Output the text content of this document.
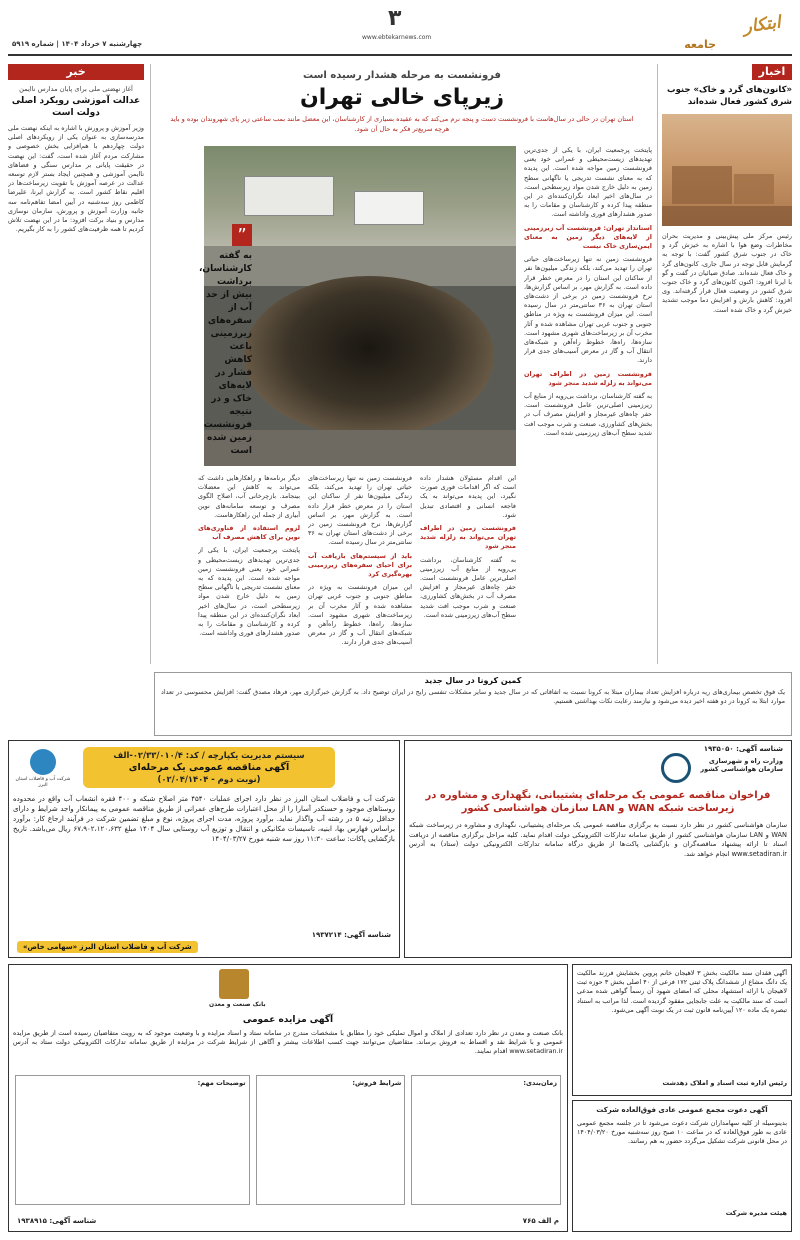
ابتکار
جامعه
۳
www.ebtekarnews.com
چهارشنبه ۷ خرداد ۱۴۰۴ | شماره ۵۹۱۹
اخبار
«کانون‌های گرد و خاک» جنوب شرق کشور فعال شده‌اند
رئیس مرکز ملی پیش‌بینی و مدیریت بحران مخاطرات وضع هوا با اشاره به خیزش گرد و خاک در جنوب شرق کشور گفت: با توجه به گرمایش قابل توجه در سال جاری، کانون‌های گرد و خاک فعال شده‌اند. صادق ضیائیان در گفت و گو با ایرنا افزود: اکنون کانون‌های گرد و خاک جنوب شرق کشور در وضعیت فعال قرار گرفته‌اند. وی افزود: کاهش بارش و افزایش دما موجب تشدید خیزش گرد و خاک شده است.
فرونشست به مرحله هشدار رسیده است
زیرپای خالی تهران
استان تهران در حالی در سال‌هاست با فرونشست دست و پنجه نرم می‌کند که به عقیده بسیاری از کارشناسان، این معضل مانند بمب ساعتی زیر پای شهروندان بوده و باید هرچه سریع‌تر فکر به حال آن شود.
پایتخت پرجمعیت ایران، با یکی از جدی‌ترین تهدیدهای زیست‌محیطی و عمرانی خود یعنی فرونشست زمین مواجه شده است. این پدیده که به معنای نشست تدریجی یا ناگهانی سطح زمین به دلیل خارج شدن مواد زیرسطحی است، در سال‌های اخیر ابعاد نگران‌کننده‌ای در این منطقه پیدا کرده و کارشناسان و مقامات را به صدور هشدارهای فوری واداشته است.
استاندار تهران: فرونشست آب زیرزمینی از لایه‌های دیگر زمین به معنای ایمن‌سازی خاک نیست
فرونشست زمین نه تنها زیرساخت‌های حیاتی تهران را تهدید می‌کند، بلکه زندگی میلیون‌ها نفر از ساکنان این استان را در معرض خطر قرار داده است. به گزارش مهر، بر اساس گزارش‌ها، نرخ فرونشست زمین در برخی از دشت‌های استان تهران به ۳۶ سانتی‌متر در سال رسیده است. این میزان فرونشست به ویژه در مناطق جنوبی و جنوب غربی تهران مشاهده شده و آثار مخرب آن بر زیرساخت‌های شهری مشهود است. سازه‌ها، راه‌ها، خطوط راه‌آهن و شبکه‌های انتقال آب و گاز در معرض آسیب‌های جدی قرار دارند.
فرونشست زمین در اطراف تهران می‌تواند به زلزله شدید منجر شود
به گفته کارشناسان، برداشت بی‌رویه از منابع آب زیرزمینی اصلی‌ترین عامل فرونشست است. حفر چاه‌های غیرمجاز و افزایش مصرف آب در بخش‌های کشاورزی، صنعت و شرب موجب افت شدید سطح آب‌های زیرزمینی شده است.
”
به گفته کارشناسان، برداشت بیش از حد آب از سفره‌های زیرزمینی باعث کاهش فشار در لایه‌های خاک و در نتیجه فرونشست زمین شده است
این اقدام مسئولان هشدار داده است که اگر اقدامات فوری صورت نگیرد، این پدیده می‌تواند به یک فاجعه انسانی و اقتصادی تبدیل شود.
فرونشست زمین در اطراف تهران می‌تواند به زلزله شدید منجر شود
به گفته کارشناسان، برداشت بی‌رویه از منابع آب زیرزمینی اصلی‌ترین عامل فرونشست است. حفر چاه‌های غیرمجاز و افزایش مصرف آب در بخش‌های کشاورزی، صنعت و شرب موجب افت شدید سطح آب‌های زیرزمینی شده است.
فرونشست زمین نه تنها زیرساخت‌های حیاتی تهران را تهدید می‌کند، بلکه زندگی میلیون‌ها نفر از ساکنان این استان را در معرض خطر قرار داده است. به گزارش مهر، بر اساس گزارش‌ها، نرخ فرونشست زمین در برخی از دشت‌های استان تهران به ۳۶ سانتی‌متر در سال رسیده است.
باید از سیستم‌های بازیافت آب برای احیای سفره‌های زیرزمینی بهره‌گیری کرد
این میزان فرونشست به ویژه در مناطق جنوبی و جنوب غربی تهران مشاهده شده و آثار مخرب آن بر زیرساخت‌های شهری مشهود است. سازه‌ها، راه‌ها، خطوط راه‌آهن و شبکه‌های انتقال آب و گاز در معرض آسیب‌های جدی قرار دارند.
دیگر برنامه‌ها و راهکارهایی داشت که می‌تواند به کاهش این معضلات بینجامد. بازچرخانی آب، اصلاح الگوی مصرف و توسعه سامانه‌های نوین آبیاری از جمله این راهکارهاست.
لزوم استفاده از فناوری‌های نوین برای کاهش مصرف آب
پایتخت پرجمعیت ایران، با یکی از جدی‌ترین تهدیدهای زیست‌محیطی و عمرانی خود یعنی فرونشست زمین مواجه شده است. این پدیده که به معنای نشست تدریجی یا ناگهانی سطح زمین به دلیل خارج شدن مواد زیرسطحی است، در سال‌های اخیر ابعاد نگران‌کننده‌ای در این منطقه پیدا کرده و کارشناسان و مقامات را به صدور هشدارهای فوری واداشته است.
خبر
آغاز نهضتی ملی برای پایان مدارس ناایمن
عدالت آموزشی رویکرد اصلی دولت است
وزیر آموزش و پرورش با اشاره به اینکه نهضت ملی مدرسه‌سازی به عنوان یکی از رویکردهای اصلی دولت چهاردهم با هم‌افزایی بخش خصوصی و مشارکت مردم آغاز شده است، گفت: این نهضت در حقیقت پایانی بر مدارس سنگی و فضاهای ناایمن آموزشی و همچنین ایجاد بستر لازم توسعه عدالت در عرصه آموزش با تقویت زیرساخت‌ها در اقلیم نقاط کشور است. به گزارش ایرنا، علیرضا کاظمی روز سه‌شنبه در آیین امضا تفاهم‌نامه سه جانبه وزارت آموزش و پرورش، سازمان نوسازی مدارس و بنیاد برکت افزود: ما در این نهضت تلاش کردیم تا همه ظرفیت‌های کشور را به کار بگیریم.
کمین کرونا در سال جدید
یک فوق تخصص بیماری‌های ریه درباره افزایش تعداد بیماران مبتلا به کرونا نسبت به اتفاقاتی که در سال جدید و سایر مشکلات تنفسی رایج در ایران توضیح داد. به گزارش خبرگزاری مهر، فرهاد مصدق گفت: افزایش محسوسی در تعداد موارد ابتلا به کرونا در دو هفته اخیر دیده می‌شود و نیازمند رعایت نکات بهداشتی هستیم.
شرکت آب و فاضلاب استان البرز
سیستم مدیریت یکپارچه / کد: ۰۲/۳۳/۰۱۰/۴-الف
آگهی مناقصه عمومی یک مرحله‌ای
(نوبت دوم - ۰۲/۰۴/۱۴۰۴)
شرکت آب و فاضلاب استان البرز در نظر دارد اجرای عملیات ۴۵۴۰ متر اصلاح شبکه و ۴۰۰ فقره انشعاب آب واقع در محدوده روستاهای موجود و حسنکدر آسارا را از محل اعتبارات طرح‌های عمرانی از طریق مناقصه عمومی به پیمانکار واجد شرایط و دارای حداقل رتبه ۵ در رشته آب واگذار نماید. برآورد پروژه، مدت اجرای پروژه، نوع و مبلغ تضمین شرکت در فرآیند ارجاع کار: برآورد براساس فهارس بها، ابنیه، تاسیسات مکانیکی و انتقال و توزیع آب روستایی سال ۱۴۰۴ مبلغ ۶۷،۹۰۲،۱۲۰،۶۳۲ ریال می‌باشد. تاریخ بازگشایی پاکات: ساعت ۱۱:۳۰ روز سه شنبه مورخ ۱۴۰۴/۰۳/۲۷
شناسه آگهی: ۱۹۳۷۲۱۴
شرکت آب و فاضلاب استان البرز «سهامی خاص»
شناسه آگهی: ۱۹۳۵۰۵۰
وزارت راه و شهرسازی
سازمان هواشناسی کشور
فراخوان مناقصه عمومی یک مرحله‌ای پشتیبانی، نگهداری و مشاوره در زیرساخت شبکه WAN و LAN سازمان هواشناسی کشور
سازمان هواشناسی کشور در نظر دارد نسبت به برگزاری مناقصه عمومی یک مرحله‌ای پشتیبانی، نگهداری و مشاوره در زیرساخت شبکه WAN و LAN سازمان هواشناسی کشور از طریق سامانه تدارکات الکترونیکی دولت اقدام نماید. کلیه مراحل برگزاری مناقصه از دریافت اسناد تا ارائه پیشنهاد مناقصه‌گران و بازگشایی پاکت‌ها از طریق درگاه سامانه تدارکات الکترونیکی دولت (ستاد) به آدرس www.setadiran.ir انجام خواهد شد.
بانک صنعت و معدن
آگهی مزایده عمومی
بانک صنعت و معدن در نظر دارد تعدادی از املاک و اموال تملیکی خود را مطابق با مشخصات مندرج در سامانه ستاد و اسناد مزایده و با وضعیت موجود که به رویت متقاضیان رسیده است از طریق مزایده عمومی و با شرایط نقد و اقساط به فروش برساند. متقاضیان می‌توانند جهت کسب اطلاعات بیشتر و آگاهی از شرایط شرکت در مزایده از طریق سامانه تدارکات الکترونیکی دولت ستاد به آدرس www.setadiran.ir اقدام نمایند.
زمان‌بندی:
شرایط فروش:
توضیحات مهم:
شناسه آگهی: ۱۹۳۸۹۱۵	م الف ۷۶۵
آگهی فقدان سند مالکیت بخش ۳ لاهیجان خانم پروین بخشایش فرزند مالکیت یک دانگ مشاع از ششدانگ پلاک ثبتی ۱۷۲ فرعی از ۴۰ اصلی بخش ۳ حوزه ثبت لاهیجان با ارائه استشهاد محلی که امضای شهود آن رسماً گواهی شده مدعی است که سند مالکیت به علت جابجایی مفقود گردیده است. لذا مراتب به استناد تبصره یک ماده ۱۲۰ آیین‌نامه قانون ثبت در یک نوبت آگهی می‌شود.
رئیس اداره ثبت اسناد و املاک دهدشت
آگهی دعوت مجمع عمومی عادی فوق‌العاده شرکت
بدینوسیله از کلیه سهامداران شرکت دعوت می‌شود تا در جلسه مجمع عمومی عادی به طور فوق‌العاده که در ساعت ۱۰ صبح روز سه‌شنبه مورخ ۱۴۰۴/۰۳/۲۰ در محل قانونی شرکت تشکیل می‌گردد حضور به هم رسانند.
هیئت مدیره شرکت
